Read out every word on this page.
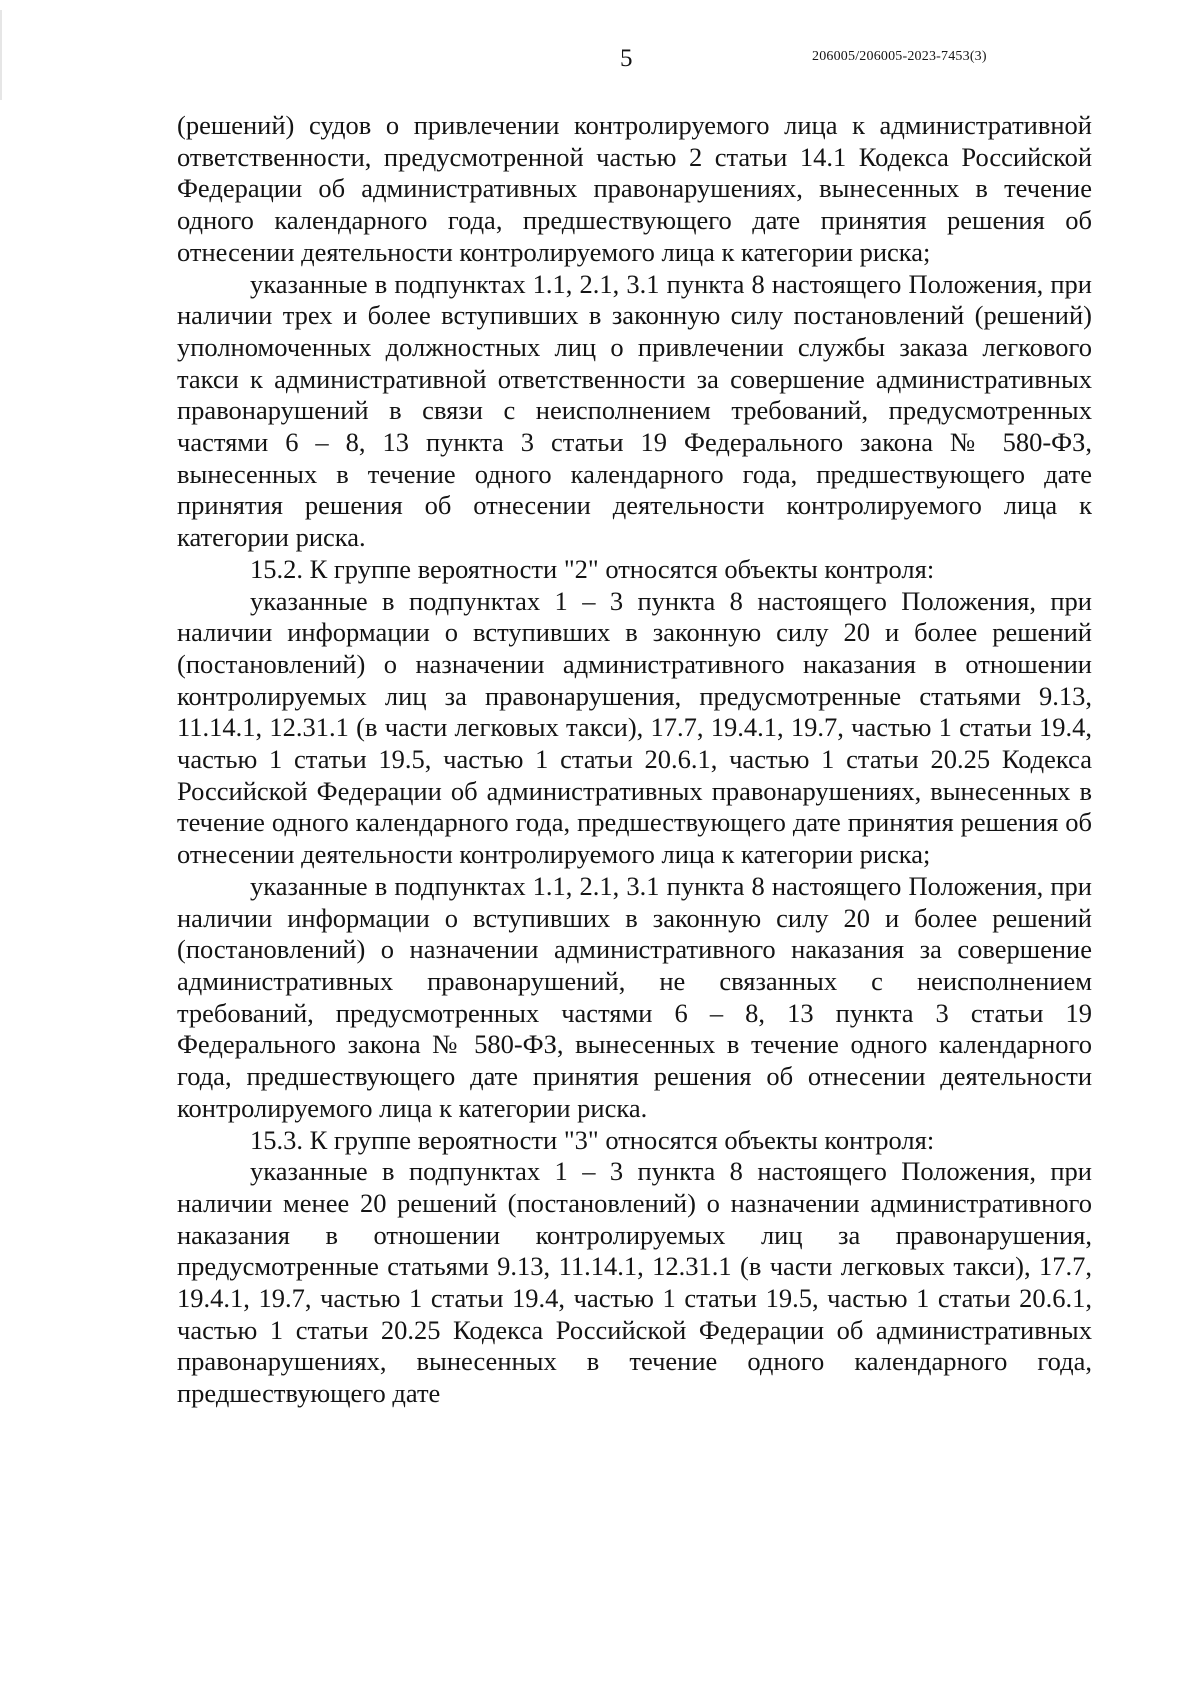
5	206005/206005-2023-7453(3)

(решений) судов о привлечении контролируемого лица к административной ответственности, предусмотренной частью 2 статьи 14.1 Кодекса Российской Федерации об административных правонарушениях, вынесенных в течение одного календарного года, предшествующего дате принятия решения об отнесении деятельности контролируемого лица к категории риска;

указанные в подпунктах 1.1, 2.1, 3.1 пункта 8 настоящего Положения, при наличии трех и более вступивших в законную силу постановлений (решений) уполномоченных должностных лиц о привлечении службы заказа легкового такси к административной ответственности за совершение административных правонарушений в связи с неисполнением требований, предусмотренных частями 6 – 8, 13 пункта 3 статьи 19 Федерального закона № 580-ФЗ, вынесенных в течение одного календарного года, предшествующего дате принятия решения об отнесении деятельности контролируемого лица к категории риска.

15.2. К группе вероятности "2" относятся объекты контроля:

указанные в подпунктах 1 – 3 пункта 8 настоящего Положения, при наличии информации о вступивших в законную силу 20 и более решений (постановлений) о назначении административного наказания в отношении контролируемых лиц за правонарушения, предусмотренные статьями 9.13, 11.14.1, 12.31.1 (в части легковых такси), 17.7, 19.4.1, 19.7, частью 1 статьи 19.4, частью 1 статьи 19.5, частью 1 статьи 20.6.1, частью 1 статьи 20.25 Кодекса Российской Федерации об административных правонарушениях, вынесенных в течение одного календарного года, предшествующего дате принятия решения об отнесении деятельности контролируемого лица к категории риска;

указанные в подпунктах 1.1, 2.1, 3.1 пункта 8 настоящего Положения, при наличии информации о вступивших в законную силу 20 и более решений (постановлений) о назначении административного наказания за совершение административных правонарушений, не связанных с неисполнением требований, предусмотренных частями 6 – 8, 13 пункта 3 статьи 19 Федерального закона № 580-ФЗ, вынесенных в течение одного календарного года, предшествующего дате принятия решения об отнесении деятельности контролируемого лица к категории риска.

15.3. К группе вероятности "3" относятся объекты контроля:

указанные в подпунктах 1 – 3 пункта 8 настоящего Положения, при наличии менее 20 решений (постановлений) о назначении административного наказания в отношении контролируемых лиц за правонарушения, предусмотренные статьями 9.13, 11.14.1, 12.31.1 (в части легковых такси), 17.7, 19.4.1, 19.7, частью 1 статьи 19.4, частью 1 статьи 19.5, частью 1 статьи 20.6.1, частью 1 статьи 20.25 Кодекса Российской Федерации об административных правонарушениях, вынесенных в течение одного календарного года, предшествующего дате
